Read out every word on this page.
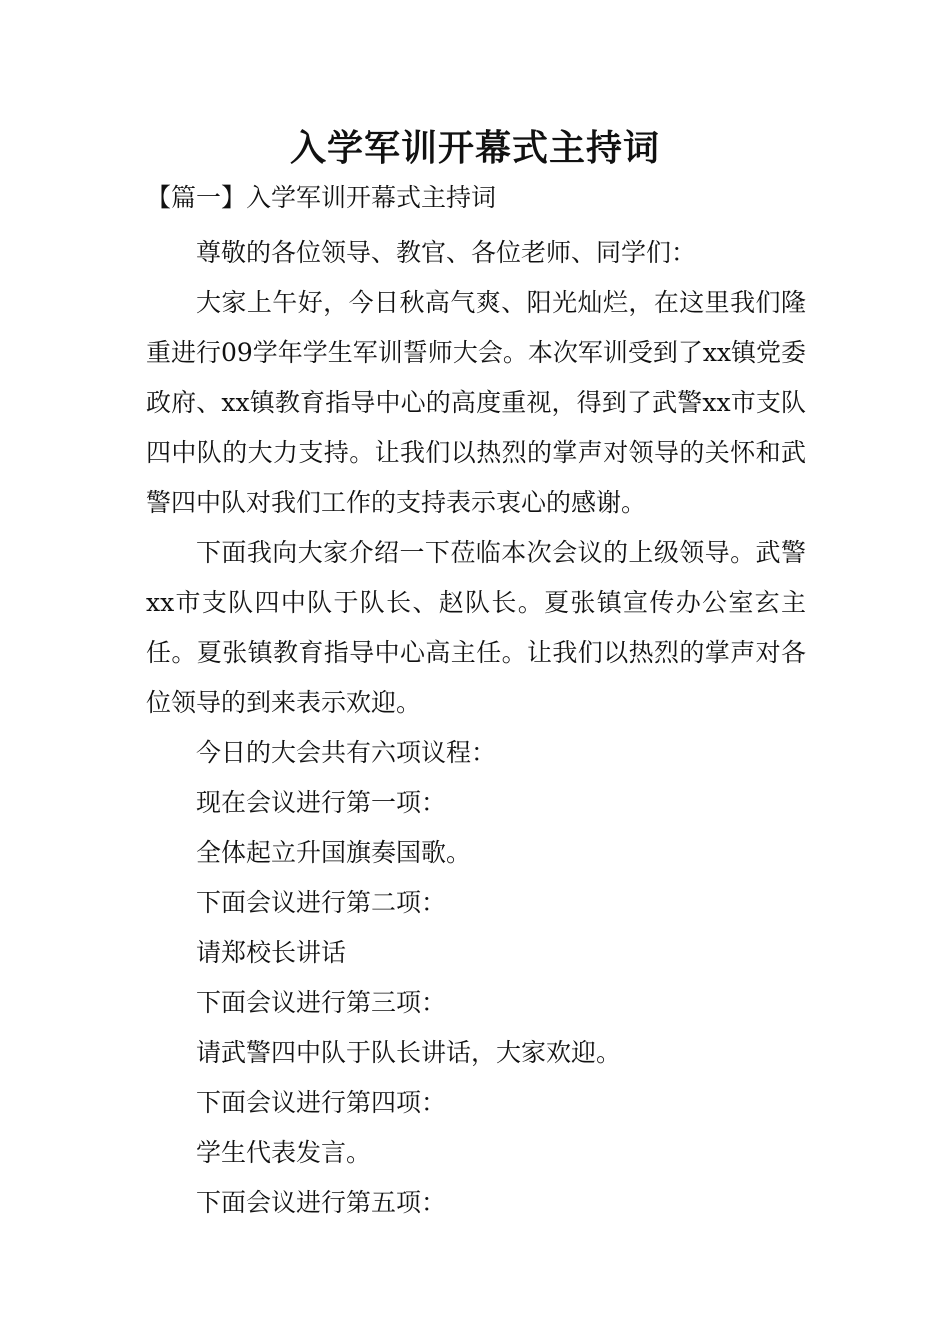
入学军训开幕式主持词
【篇一】入学军训开幕式主持词

尊敬的各位领导、教官、各位老师、同学们：

大家上午好，今日秋高气爽、阳光灿烂，在这里我们隆重进行09学年学生军训誓师大会。本次军训受到了xx镇党委政府、xx镇教育指导中心的高度重视，得到了武警xx市支队四中队的大力支持。让我们以热烈的掌声对领导的关怀和武警四中队对我们工作的支持表示衷心的感谢。

下面我向大家介绍一下莅临本次会议的上级领导。武警xx市支队四中队于队长、赵队长。夏张镇宣传办公室玄主任。夏张镇教育指导中心高主任。让我们以热烈的掌声对各位领导的到来表示欢迎。

今日的大会共有六项议程：

现在会议进行第一项：

全体起立升国旗奏国歌。

下面会议进行第二项：

请郑校长讲话

下面会议进行第三项：

请武警四中队于队长讲话，大家欢迎。

下面会议进行第四项：

学生代表发言。

下面会议进行第五项：
